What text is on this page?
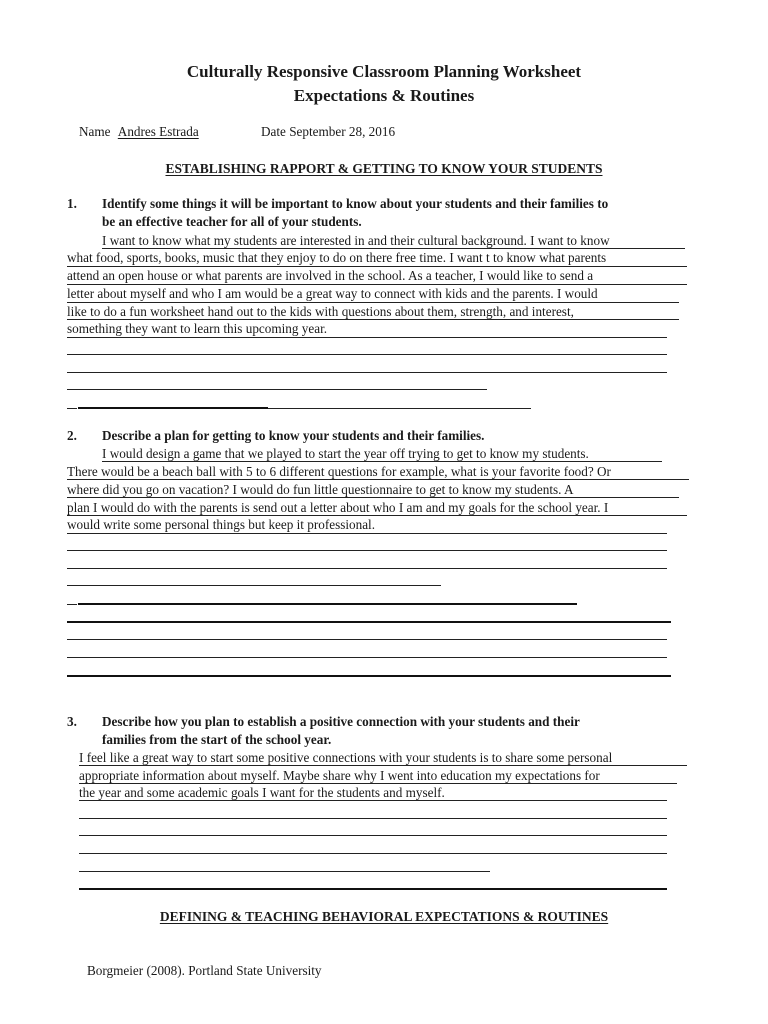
Culturally Responsive Classroom Planning Worksheet
Expectations & Routines
Name Andres Estrada	Date September 28, 2016
ESTABLISHING RAPPORT & GETTING TO KNOW YOUR STUDENTS
1. Identify some things it will be important to know about your students and their families to
be an effective teacher for all of your students.
I want to know what my students are interested in and their cultural background. I want to know
what food, sports, books, music that they enjoy to do on there free time. I want t to know what parents
attend an open house or what parents are involved in the school. As a teacher, I would like to send a
letter about myself and who I am would be a great way to connect with kids and the parents. I would
like to do a fun worksheet hand out to the kids with questions about them, strength, and interest,
something they want to learn this upcoming year.
2. Describe a plan for getting to know your students and their families.
I would design a game that we played to start the year off trying to get to know my students.
There would be a beach ball with 5 to 6 different questions for example, what is your favorite food? Or
where did you go on vacation? I would do fun little questionnaire to get to know my students. A
plan I would do with the parents is send out a letter about who I am and my goals for the school year. I
would write some personal things but keep it professional.
3. Describe how you plan to establish a positive connection with your students and their
families from the start of the school year.
I feel like a great way to start some positive connections with your students is to share some personal
appropriate information about myself. Maybe share why I went into education my expectations for
the year and some academic goals I want for the students and myself.
DEFINING & TEACHING BEHAVIORAL EXPECTATIONS & ROUTINES
Borgmeier (2008). Portland State University
